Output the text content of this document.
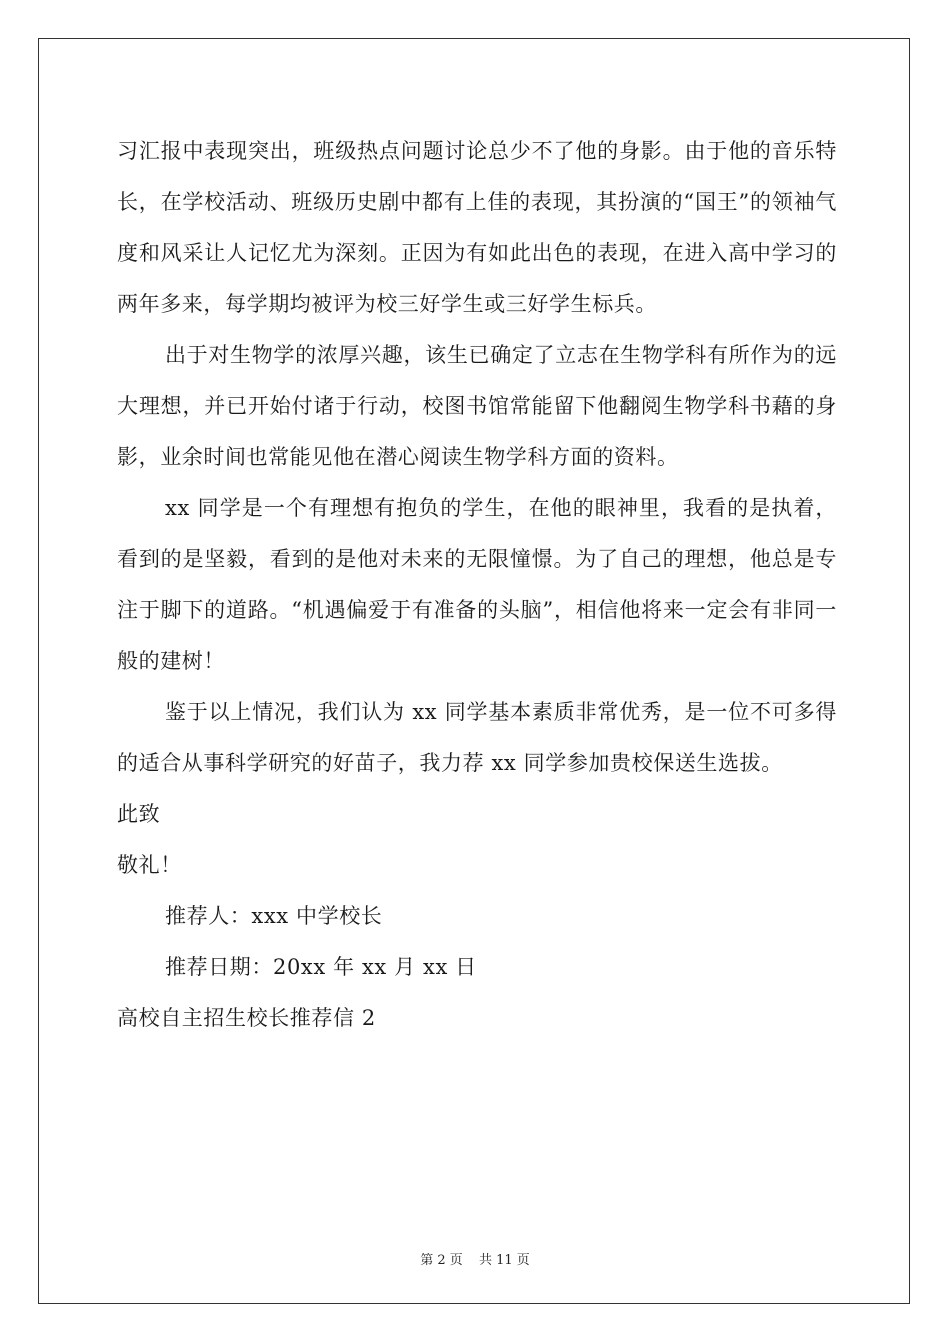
习汇报中表现突出，班级热点问题讨论总少不了他的身影。由于他的音乐特长，在学校活动、班级历史剧中都有上佳的表现，其扮演的“国王”的领袖气度和风采让人记忆尤为深刻。正因为有如此出色的表现，在进入高中学习的两年多来，每学期均被评为校三好学生或三好学生标兵。

出于对生物学的浓厚兴趣，该生已确定了立志在生物学科有所作为的远大理想，并已开始付诸于行动，校图书馆常能留下他翻阅生物学科书藉的身影，业余时间也常能见他在潜心阅读生物学科方面的资料。

xx 同学是一个有理想有抱负的学生，在他的眼神里，我看的是执着，看到的是坚毅，看到的是他对未来的无限憧憬。为了自己的理想，他总是专注于脚下的道路。“机遇偏爱于有准备的头脑”，相信他将来一定会有非同一般的建树！

鉴于以上情况，我们认为 xx 同学基本素质非常优秀，是一位不可多得的适合从事科学研究的好苗子，我力荐 xx 同学参加贵校保送生选拔。

此致

敬礼！

推荐人：xxx 中学校长

推荐日期：20xx 年 xx 月 xx 日

高校自主招生校长推荐信 2

第 2 页 共 11 页
